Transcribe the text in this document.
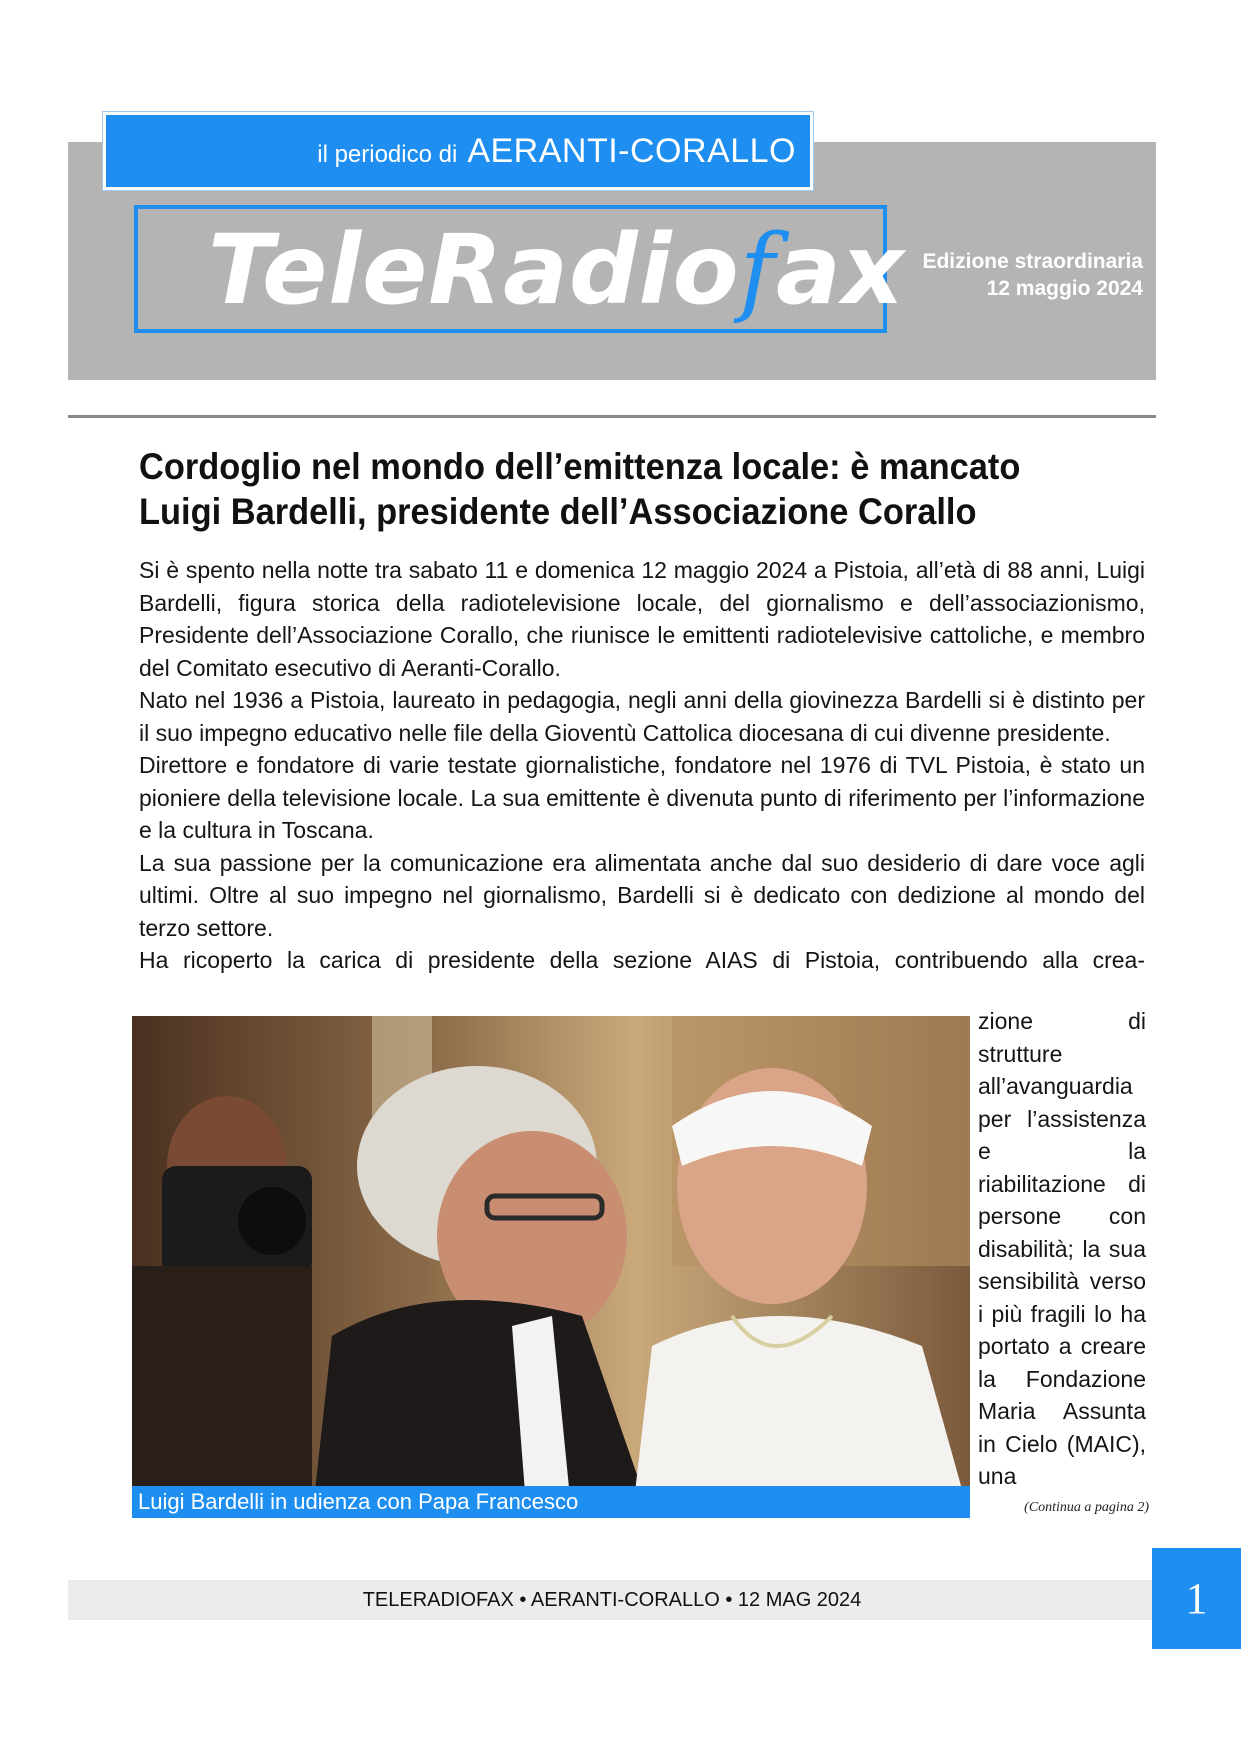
il periodico di AERANTI-CORALLO
TeleRadiofax Edizione straordinaria
12 maggio 2024
Cordoglio nel mondo dell’emittenza locale: è mancato
Luigi Bardelli, presidente dell’Associazione Corallo

Si è spento nella notte tra sabato 11 e domenica 12 maggio 2024 a Pistoia, all’età di 88 anni, Luigi Bardelli, figura storica della radiotelevisione locale, del giornalismo e dell’associazionismo, Presidente dell’Associazione Corallo, che riunisce le emittenti radiotelevisive cattoliche, e membro del Comitato esecutivo di Aeranti-Corallo.

Nato nel 1936 a Pistoia, laureato in pedagogia, negli anni della giovinezza Bardelli si è distinto per il suo impegno educativo nelle file della Gioventù Cattolica diocesana di cui divenne presidente.

Direttore e fondatore di varie testate giornalistiche, fondatore nel 1976 di TVL Pistoia, è stato un pioniere della televisione locale. La sua emittente è divenuta punto di riferimento per l’informazione e la cultura in Toscana.

La sua passione per la comunicazione era alimentata anche dal suo desiderio di dare voce agli ultimi. Oltre al suo impegno nel giornalismo, Bardelli si è dedicato con dedizione al mondo del terzo settore.

Ha ricoperto la carica di presidente della sezione AIAS di Pistoia, contribuendo alla crea-

Luigi Bardelli in udienza con Papa Francesco

zione di strutture all’avanguardia per l’assistenza e la riabilitazione di persone con disabilità; la sua sensibilità verso i più fragili lo ha portato a creare la Fondazione Maria Assunta in Cielo (MAIC), una

(Continua a pagina 2)
TELERADIOFAX • AERANTI-CORALLO • 12 MAG 2024	1
